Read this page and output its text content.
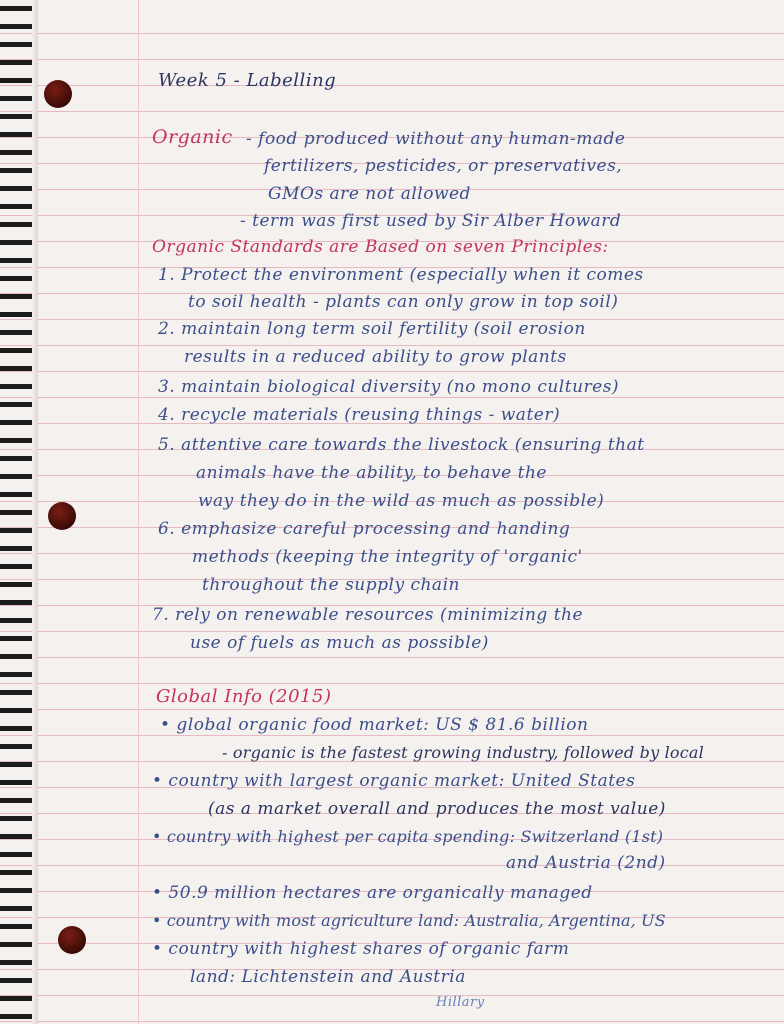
Week 5 - Labelling
Organic - food produced without any human-made
fertilizers, pesticides, or preservatives,
GMOs are not allowed
- term was first used by Sir Alber Howard
Organic Standards are Based on seven Principles:
1. Protect the environment (especially when it comes
to soil health - plants can only grow in top soil)
2. maintain long term soil fertility (soil erosion
results in a reduced ability to grow plants
3. maintain biological diversity (no mono cultures)
4. recycle materials (reusing things - water)
5. attentive care towards the livestock (ensuring that
animals have the ability, to behave the
way they do in the wild as much as possible)
6. emphasize careful processing and handing
methods (keeping the integrity of 'organic'
throughout the supply chain
7. rely on renewable resources (minimizing the
use of fuels as much as possible)
Global Info (2015)
• global organic food market: US $ 81.6 billion
- organic is the fastest growing industry, followed by local
• country with largest organic market: United States
(as a market overall and produces the most value)
• country with highest per capita spending: Switzerland (1st)
and Austria (2nd)
• 50.9 million hectares are organically managed
• country with most agriculture land: Australia, Argentina, US
• country with highest shares of organic farm
land: Lichtenstein and Austria
Hillary
